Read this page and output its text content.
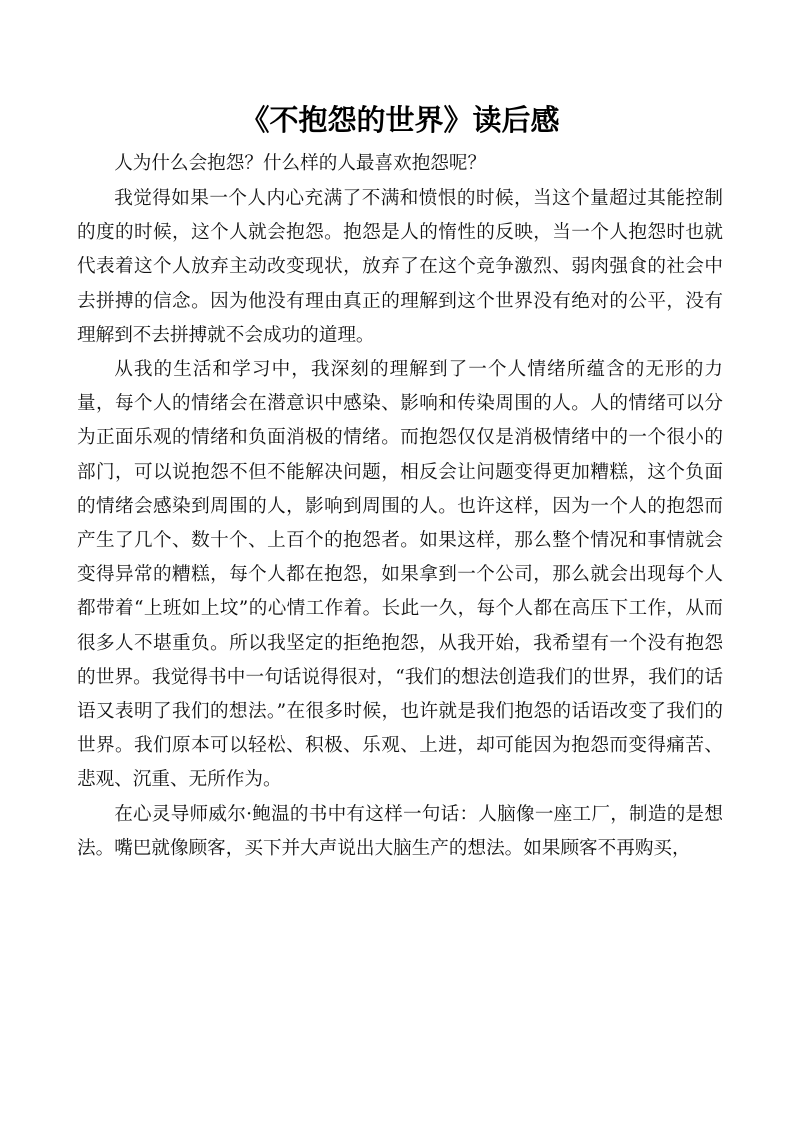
《不抱怨的世界》读后感

人为什么会抱怨？什么样的人最喜欢抱怨呢？

我觉得如果一个人内心充满了不满和愤恨的时候，当这个量超过其能控制的度的时候，这个人就会抱怨。抱怨是人的惰性的反映，当一个人抱怨时也就代表着这个人放弃主动改变现状，放弃了在这个竞争激烈、弱肉强食的社会中去拼搏的信念。因为他没有理由真正的理解到这个世界没有绝对的公平，没有理解到不去拼搏就不会成功的道理。

从我的生活和学习中，我深刻的理解到了一个人情绪所蕴含的无形的力量，每个人的情绪会在潜意识中感染、影响和传染周围的人。人的情绪可以分为正面乐观的情绪和负面消极的情绪。而抱怨仅仅是消极情绪中的一个很小的部门，可以说抱怨不但不能解决问题，相反会让问题变得更加糟糕，这个负面的情绪会感染到周围的人，影响到周围的人。也许这样，因为一个人的抱怨而产生了几个、数十个、上百个的抱怨者。如果这样，那么整个情况和事情就会变得异常的糟糕，每个人都在抱怨，如果拿到一个公司，那么就会出现每个人都带着“上班如上坟”的心情工作着。长此一久，每个人都在高压下工作，从而很多人不堪重负。所以我坚定的拒绝抱怨，从我开始，我希望有一个没有抱怨的世界。我觉得书中一句话说得很对，“我们的想法创造我们的世界，我们的话语又表明了我们的想法。”在很多时候，也许就是我们抱怨的话语改变了我们的世界。我们原本可以轻松、积极、乐观、上进，却可能因为抱怨而变得痛苦、悲观、沉重、无所作为。

在心灵导师威尔·鲍温的书中有这样一句话：人脑像一座工厂，制造的是想法。嘴巴就像顾客，买下并大声说出大脑生产的想法。如果顾客不再购买，
